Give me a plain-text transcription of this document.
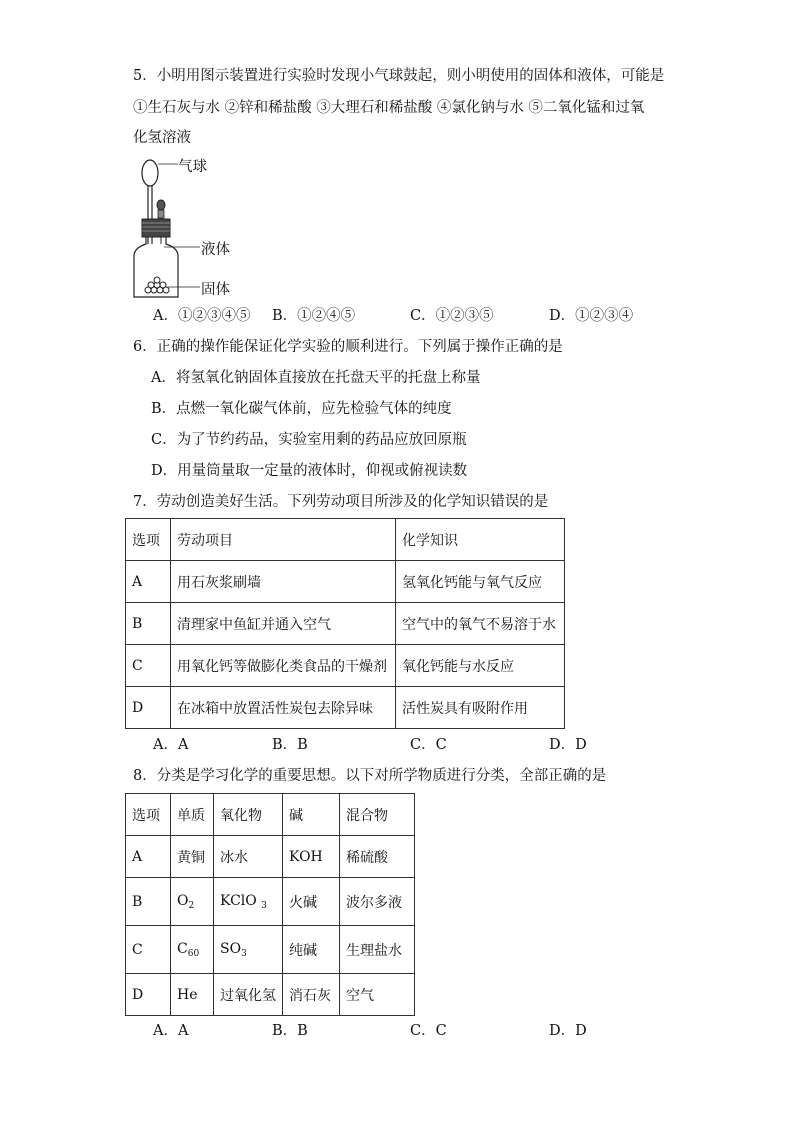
5．小明用图示装置进行实验时发现小气球鼓起，则小明使用的固体和液体，可能是
①生石灰与水 ②锌和稀盐酸 ③大理石和稀盐酸 ④氯化钠与水 ⑤二氧化锰和过氧
化氢溶液
气球
液体
固体
A．①②③④⑤ B．①②④⑤	C．①②③⑤	D．①②③④
6．正确的操作能保证化学实验的顺利进行。下列属于操作正确的是
A．将氢氧化钠固体直接放在托盘天平的托盘上称量
B．点燃一氧化碳气体前，应先检验气体的纯度
C．为了节约药品，实验室用剩的药品应放回原瓶
D．用量筒量取一定量的液体时，仰视或俯视读数
7．劳动创造美好生活。下列劳动项目所涉及的化学知识错误的是
选项	劳动项目	化学知识
A	用石灰浆刷墙	氢氧化钙能与氧气反应
B	清理家中鱼缸并通入空气	空气中的氧气不易溶于水
C	用氧化钙等做膨化类食品的干燥剂	氧化钙能与水反应
D	在冰箱中放置活性炭包去除异味	活性炭具有吸附作用
A．A	B．B	C．C	D．D
8．分类是学习化学的重要思想。以下对所学物质进行分类，全部正确的是
选项	单质	氧化物	碱	混合物
A	黄铜	冰水	KOH	稀硫酸
B	$O_2$	KClO $_3$	火碱	波尔多液
C	$C_{60}$	$SO_3$	纯碱	生理盐水
D	He	过氧化氢	消石灰	空气
A．A	B．B	C．C	D．D
